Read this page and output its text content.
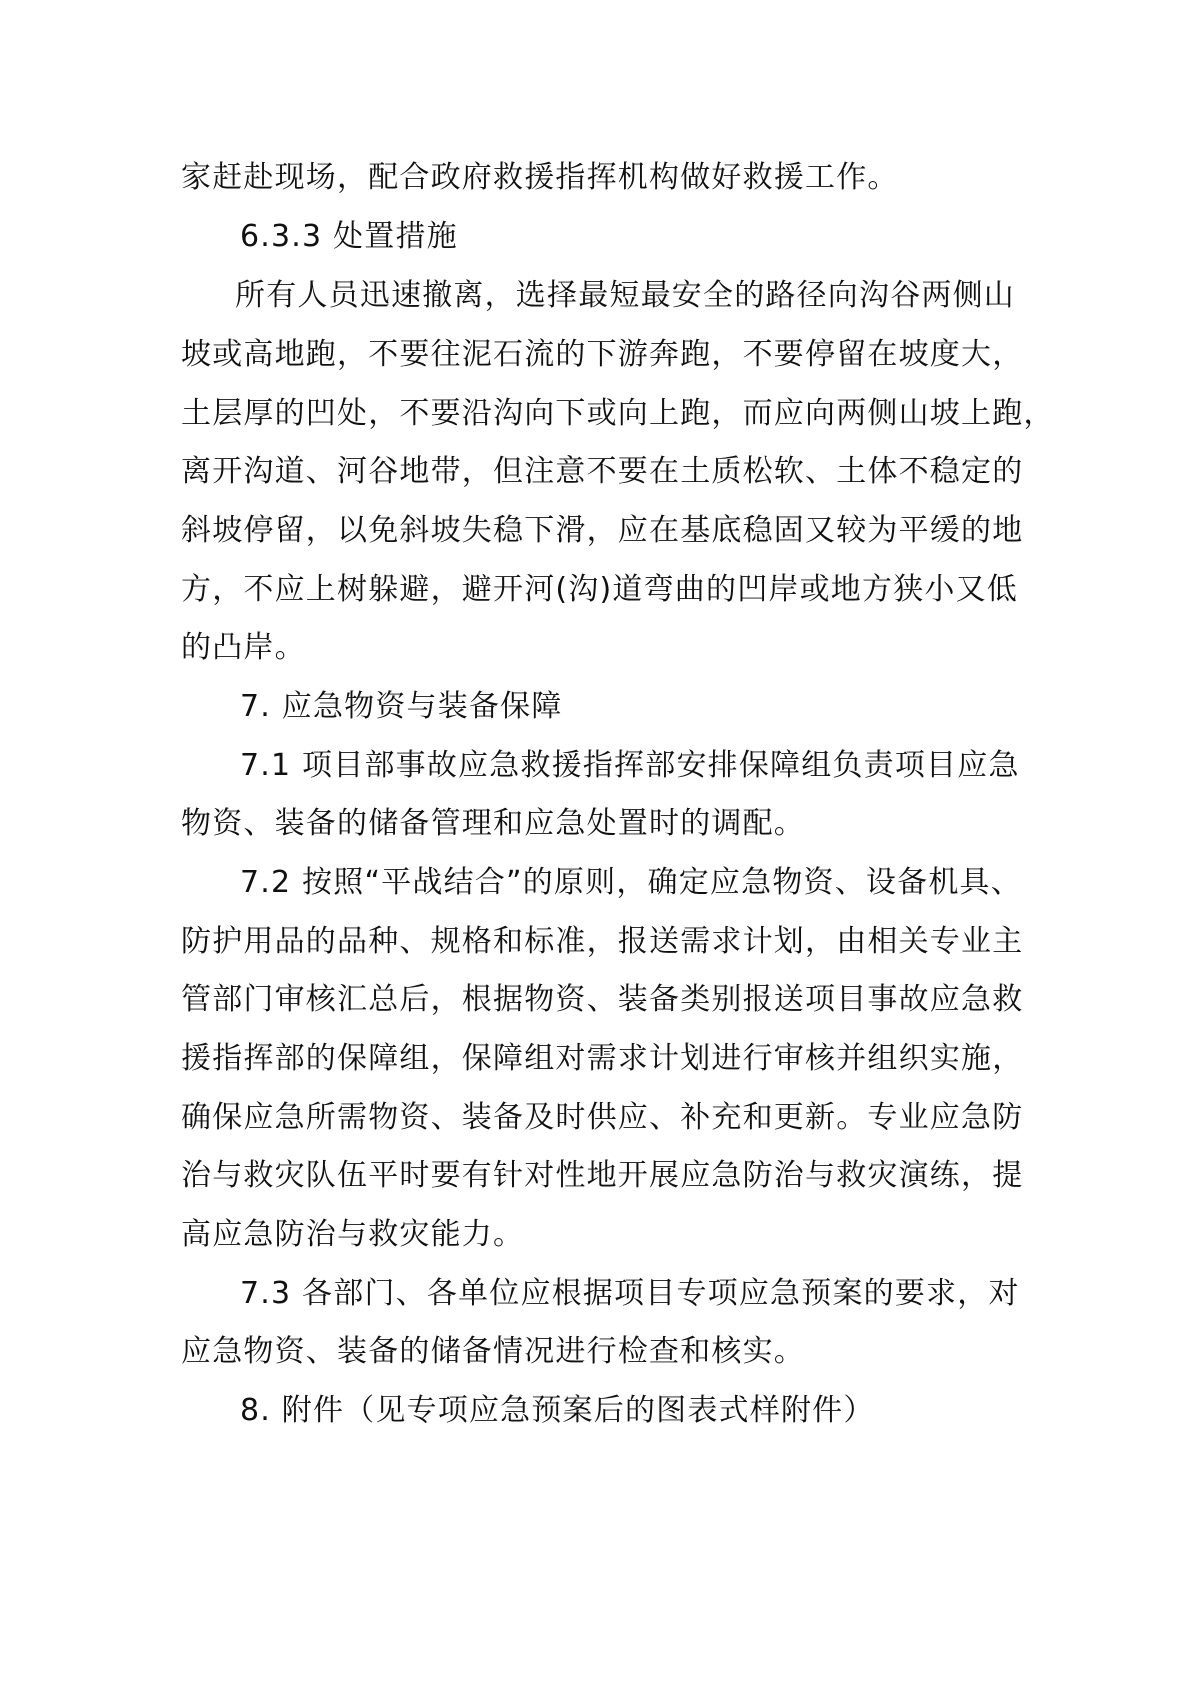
家赶赴现场，配合政府救援指挥机构做好救援工作。

6.3.3 处置措施

所有人员迅速撤离，选择最短最安全的路径向沟谷两侧山

坡或高地跑，不要往泥石流的下游奔跑，不要停留在坡度大，

土层厚的凹处，不要沿沟向下或向上跑，而应向两侧山坡上跑，

离开沟道、河谷地带，但注意不要在土质松软、土体不稳定的

斜坡停留，以免斜坡失稳下滑，应在基底稳固又较为平缓的地

方，不应上树躲避，避开河(沟)道弯曲的凹岸或地方狭小又低

的凸岸。

7. 应急物资与装备保障

7.1 项目部事故应急救援指挥部安排保障组负责项目应急

物资、装备的储备管理和应急处置时的调配。

7.2 按照“平战结合”的原则，确定应急物资、设备机具、

防护用品的品种、规格和标准，报送需求计划，由相关专业主

管部门审核汇总后，根据物资、装备类别报送项目事故应急救

援指挥部的保障组，保障组对需求计划进行审核并组织实施，

确保应急所需物资、装备及时供应、补充和更新。专业应急防

治与救灾队伍平时要有针对性地开展应急防治与救灾演练，提

高应急防治与救灾能力。

7.3 各部门、各单位应根据项目专项应急预案的要求，对

应急物资、装备的储备情况进行检查和核实。

8. 附件（见专项应急预案后的图表式样附件）
